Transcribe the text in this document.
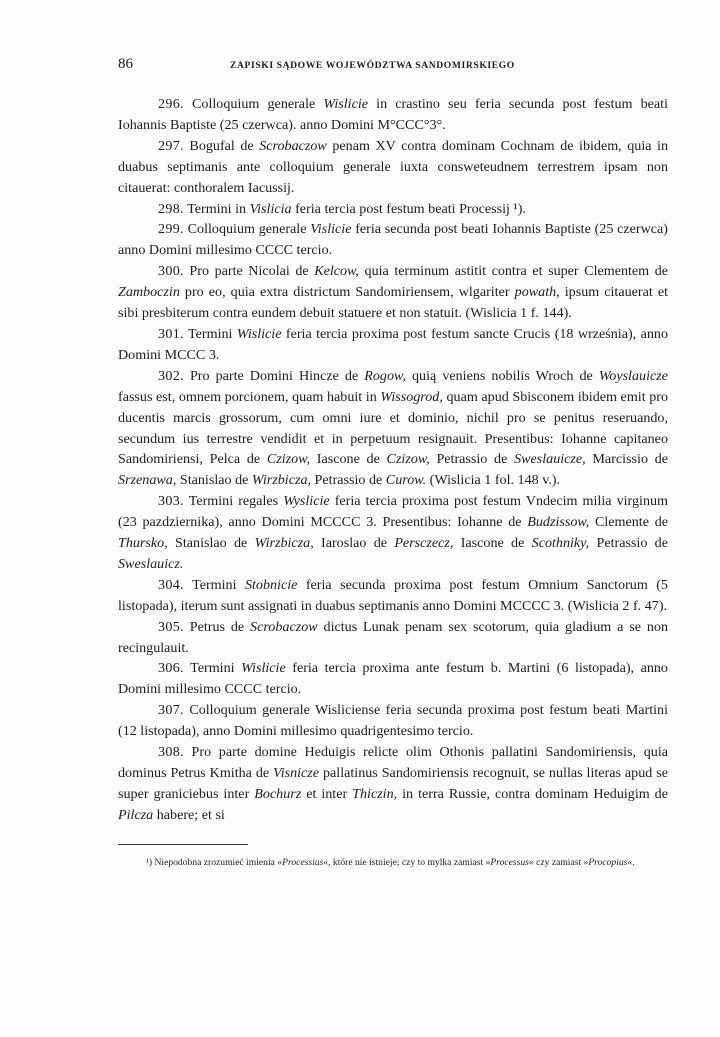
86	ZAPISKI SĄDOWE WOJEWÓDZTWA SANDOMIRSKIEGO

296. Colloquium generale Wislicie in crastino seu feria secunda post festum beati Iohannis Baptiste (25 czerwca). anno Domini M°CCC°3°.

297. Bogufal de Scrobaczow penam XV contra dominam Cochnam de ibidem, quia in duabus septimanis ante colloquium generale iuxta consweteudnem terrestrem ipsam non citauerat: conthoralem Iacussij.

298. Termini in Vislicia feria tercia post festum beati Processij ¹).

299. Colloquium generale Vislicie feria secunda post beati Iohannis Baptiste (25 czerwca) anno Domini millesimo CCCC tercio.

300. Pro parte Nicolai de Kelcow, quia terminum astitit contra et super Clementem de Zamboczin pro eo, quia extra districtum Sandomiriensem, wlgariter powath, ipsum citauerat et sibi presbiterum contra eundem debuit statuere et non statuit. (Wislicia 1 f. 144).

301. Termini Wislicie feria tercia proxima post festum sancte Crucis (18 września), anno Domini MCCC 3.

302. Pro parte Domini Hincze de Rogow, quią veniens nobilis Wroch de Woyslauicze fassus est, omnem porcionem, quam habuit in Wissogrod, quam apud Sbisconem ibidem emit pro ducentis marcis grossorum, cum omni iure et dominio, nichil pro se penitus reseruando, secundum ius terrestre vendidit et in perpetuum resignauit. Presentibus: Iohanne capitaneo Sandomiriensi, Pelca de Czizow, Iascone de Czizow, Petrassio de Sweslauicze, Marcissio de Srzenawa, Stanislao de Wirzbicza, Petrassio de Curow. (Wislicia 1 fol. 148 v.).

303. Termini regales Wyslicie feria tercia proxima post festum Vndecim milia virginum (23 pazdziernika), anno Domini MCCCC 3. Presentibus: Iohanne de Budzissow, Clemente de Thursko, Stanislao de Wirzbicza, Iaroslao de Persczecz, Iascone de Scothniky, Petrassio de Sweslauicz.

304. Termini Stobnicie feria secunda proxima post festum Omnium Sanctorum (5 listopada), iterum sunt assignati in duabus septimanis anno Domini MCCCC 3. (Wislicia 2 f. 47).

305. Petrus de Scrobaczow dictus Lunak penam sex scotorum, quia gladium a se non recingulauit.

306. Termini Wislicie feria tercia proxima ante festum b. Martini (6 listopada), anno Domini millesimo CCCC tercio.

307. Colloquium generale Wisliciense feria secunda proxima post festum beati Martini (12 listopada), anno Domini millesimo quadrigentesimo tercio.

308. Pro parte domine Heduigis relicte olim Othonis pallatini Sandomiriensis, quia dominus Petrus Kmitha de Visnicze pallatinus Sandomiriensis recognuit, se nullas literas apud se super graniciebus inter Bochurz et inter Thiczin, in terra Russie, contra dominam Heduigim de Pilcza habere; et si

¹) Niepodobna zrozumieć imienia »Processius«, które nie istnieje; czy to mylka zamiast »Processus« czy zamiast »Procopius«.
